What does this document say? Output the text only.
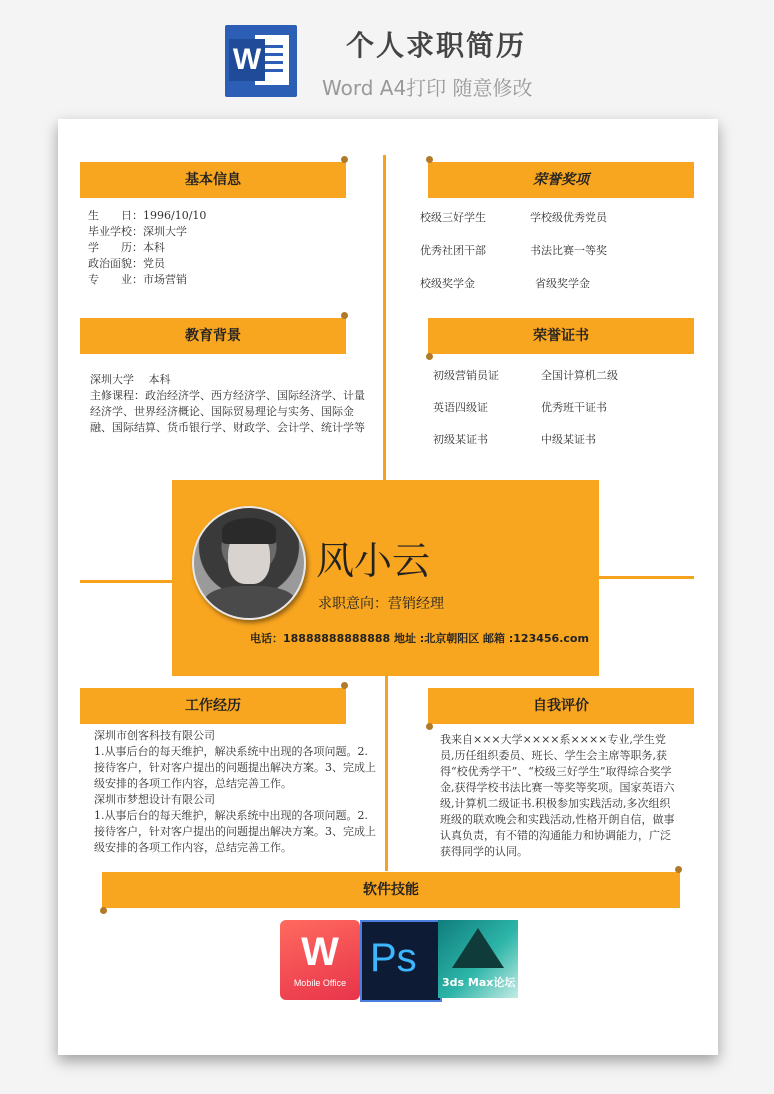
W	个人求职简历
Word A4打印 随意修改
基本信息
生　　日：1996/10/10
毕业学校：深圳大学
学　　历：本科
政治面貌：党员
专　　业：市场营销
荣誉奖项
校级三好学生	学校级优秀党员
优秀社团干部	书法比赛一等奖
校级奖学金	省级奖学金
教育背景
深圳大学　 本科
主修课程：政治经济学、西方经济学、国际经济学、计量经济学、世界经济概论、国际贸易理论与实务、国际金融、国际结算、货币银行学、财政学、会计学、统计学等
荣誉证书
初级营销员证	全国计算机二级
英语四级证	优秀班干证书
初级某证书	中级某证书
风小云
求职意向：营销经理
电话：18888888888888 地址 :北京朝阳区 邮箱 :123456.com
工作经历
深圳市创客科技有限公司
1.从事后台的每天维护，解决系统中出现的各项问题。2.接待客户，针对客户提出的问题提出解决方案。3、完成上级安排的各项工作内容，总结完善工作。
深圳市梦想设计有限公司
1.从事后台的每天维护，解决系统中出现的各项问题。2.接待客户，针对客户提出的问题提出解决方案。3、完成上级安排的各项工作内容，总结完善工作。
自我评价
我来自×××大学××××系××××专业,学生党员,历任组织委员、班长、学生会主席等职务,获得“校优秀学干”、“校级三好学生”取得综合奖学金,获得学校书法比赛一等奖等奖项。国家英语六级,计算机二级证书.积极参加实践活动,多次组织班级的联欢晚会和实践活动,性格开朗自信，做事认真负责，有不错的沟通能力和协调能力，广泛获得同学的认同。
软件技能
W
Mobile Office
Ps
3ds Max论坛
